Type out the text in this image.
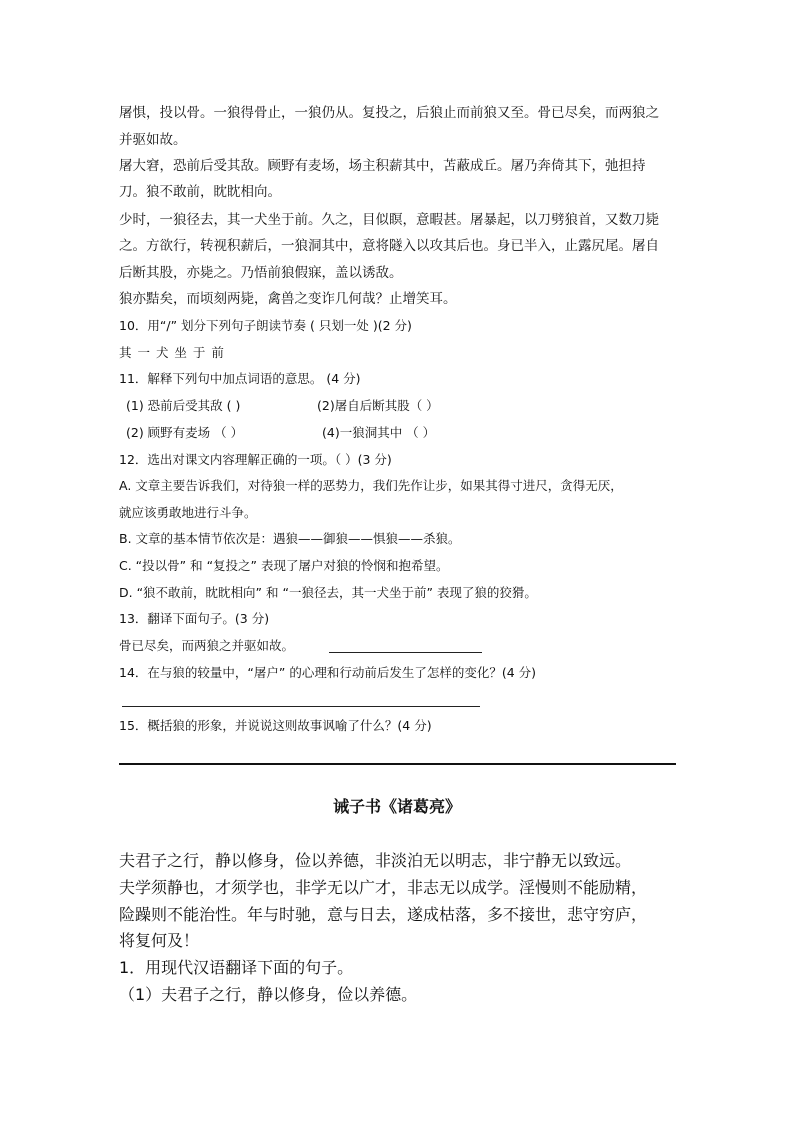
屠惧，投以骨。一狼得骨止，一狼仍从。复投之，后狼止而前狼又至。骨已尽矣，而两狼之
并驱如故。
屠大窘，恐前后受其敌。顾野有麦场，场主积薪其中，苫蔽成丘。屠乃奔倚其下，弛担持
刀。狼不敢前，眈眈相向。
少时，一狼径去，其一犬坐于前。久之，目似瞑，意暇甚。屠暴起，以刀劈狼首，又数刀毙
之。方欲行，转视积薪后，一狼洞其中，意将隧入以攻其后也。身已半入，止露尻尾。屠自
后断其股，亦毙之。乃悟前狼假寐，盖以诱敌。
狼亦黠矣，而顷刻两毙，禽兽之变诈几何哉？止增笑耳。
10．用“/” 划分下列句子朗读节奏 ( 只划一处 )(2 分)
其 一 犬 坐 于 前
11．解释下列句中加点词语的意思。 (4 分)
(1) 恐前后受其敌 ( )	(2)屠自后断其股（ ）
(2) 顾野有麦场 （ ）	(4)一狼洞其中 （ ）
12．选出对课文内容理解正确的一项。（ ）(3 分)
A. 文章主要告诉我们，对待狼一样的恶势力，我们先作让步，如果其得寸进尺，贪得无厌，
就应该勇敢地进行斗争。
B. 文章的基本情节依次是：遇狼——御狼——惧狼——杀狼。
C. “投以骨” 和 “复投之” 表现了屠户对狼的怜悯和抱希望。
D. “狼不敢前，眈眈相向” 和 “一狼径去，其一犬坐于前” 表现了狼的狡猾。
13．翻译下面句子。(3 分)
骨已尽矣，而两狼之并驱如故。
14．在与狼的较量中，“屠户” 的心理和行动前后发生了怎样的变化？(4 分)
15．概括狼的形象，并说说这则故事讽喻了什么？(4 分)
诫子书《诸葛亮》
夫君子之行，静以修身，俭以养德，非淡泊无以明志，非宁静无以致远。
夫学须静也，才须学也，非学无以广才，非志无以成学。淫慢则不能励精，
险躁则不能治性。年与时驰，意与日去，遂成枯落，多不接世，悲守穷庐，
将复何及！
1．用现代汉语翻译下面的句子。
（1）夫君子之行，静以修身，俭以养德。
